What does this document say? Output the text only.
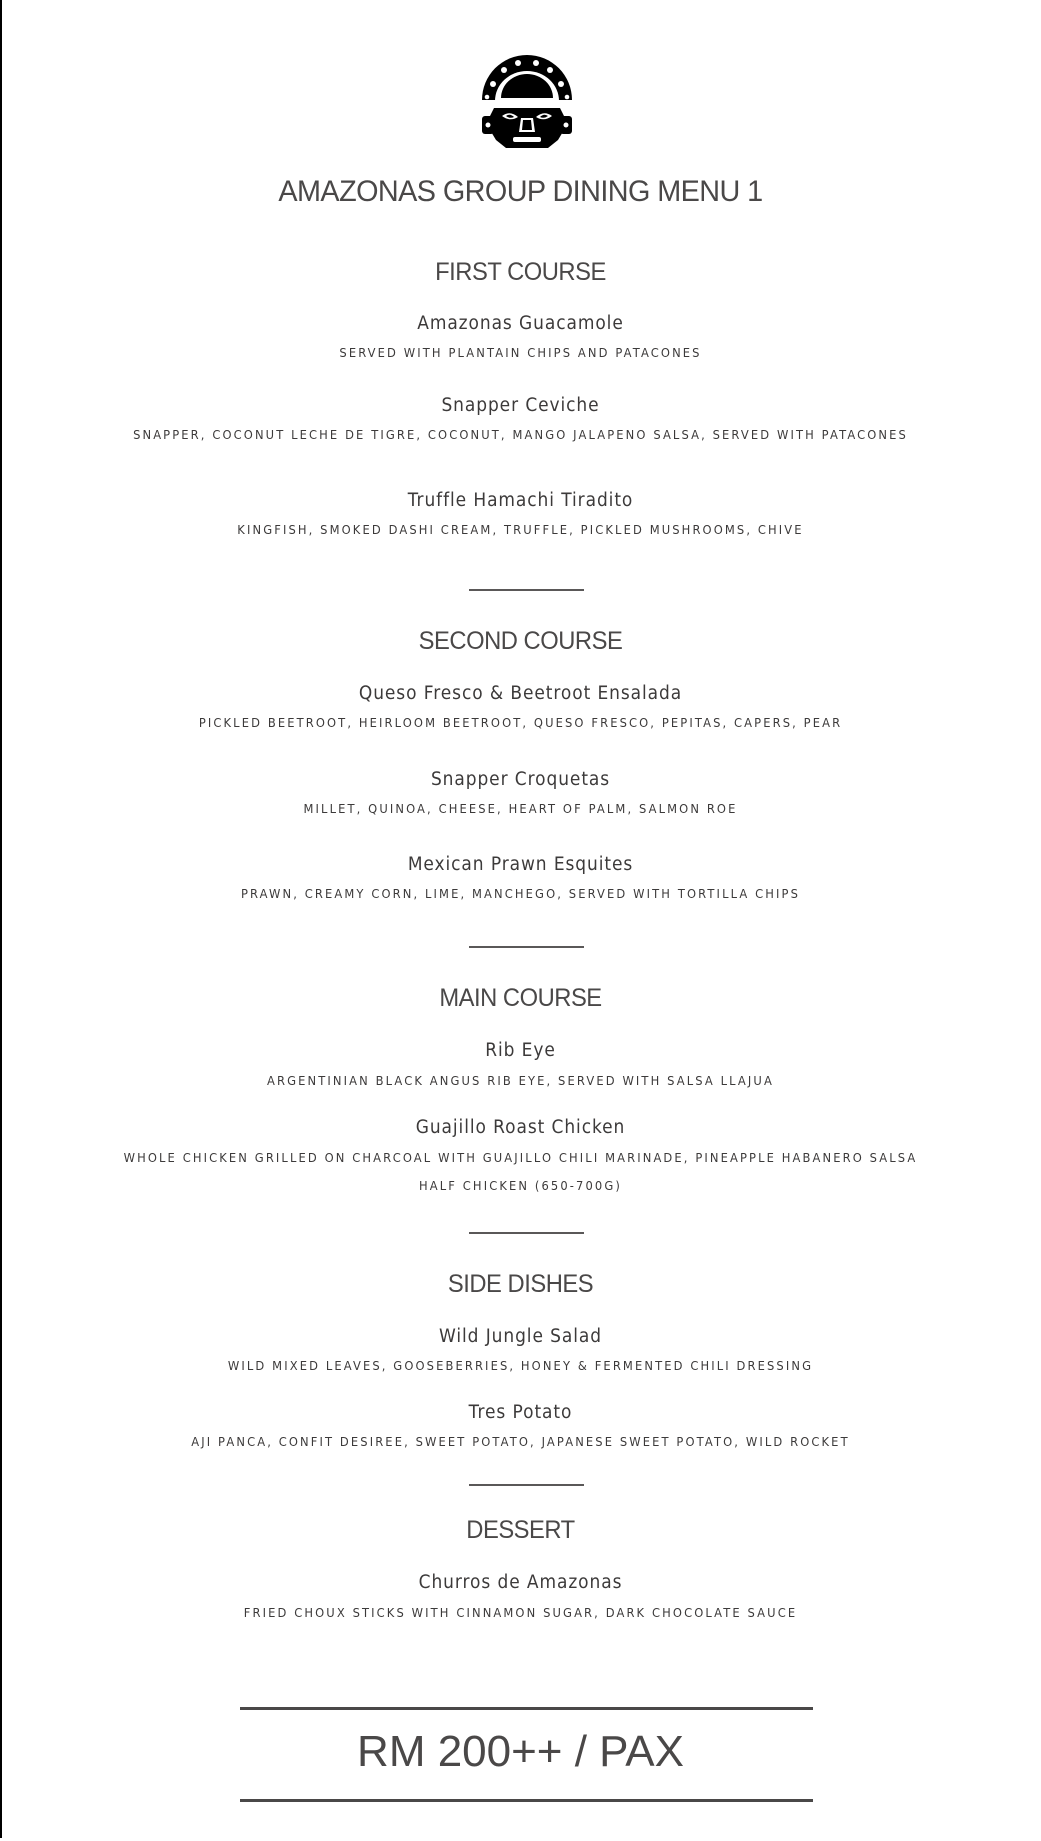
AMAZONAS GROUP DINING MENU 1
FIRST COURSE
Amazonas Guacamole
SERVED WITH PLANTAIN CHIPS AND PATACONES
Snapper Ceviche
SNAPPER, COCONUT LECHE DE TIGRE, COCONUT, MANGO JALAPENO SALSA, SERVED WITH PATACONES
Truffle Hamachi Tiradito
KINGFISH, SMOKED DASHI CREAM, TRUFFLE, PICKLED MUSHROOMS, CHIVE
SECOND COURSE
Queso Fresco & Beetroot Ensalada
PICKLED BEETROOT, HEIRLOOM BEETROOT, QUESO FRESCO, PEPITAS, CAPERS, PEAR
Snapper Croquetas
MILLET, QUINOA, CHEESE, HEART OF PALM, SALMON ROE
Mexican Prawn Esquites
PRAWN, CREAMY CORN, LIME, MANCHEGO, SERVED WITH TORTILLA CHIPS
MAIN COURSE
Rib Eye
ARGENTINIAN BLACK ANGUS RIB EYE, SERVED WITH SALSA LLAJUA
Guajillo Roast Chicken
WHOLE CHICKEN GRILLED ON CHARCOAL WITH GUAJILLO CHILI MARINADE, PINEAPPLE HABANERO SALSA
HALF CHICKEN (650-700G)
SIDE DISHES
Wild Jungle Salad
WILD MIXED LEAVES, GOOSEBERRIES, HONEY & FERMENTED CHILI DRESSING
Tres Potato
AJI PANCA, CONFIT DESIREE, SWEET POTATO, JAPANESE SWEET POTATO, WILD ROCKET
DESSERT
Churros de Amazonas
FRIED CHOUX STICKS WITH CINNAMON SUGAR, DARK CHOCOLATE SAUCE
RM 200++ / PAX
